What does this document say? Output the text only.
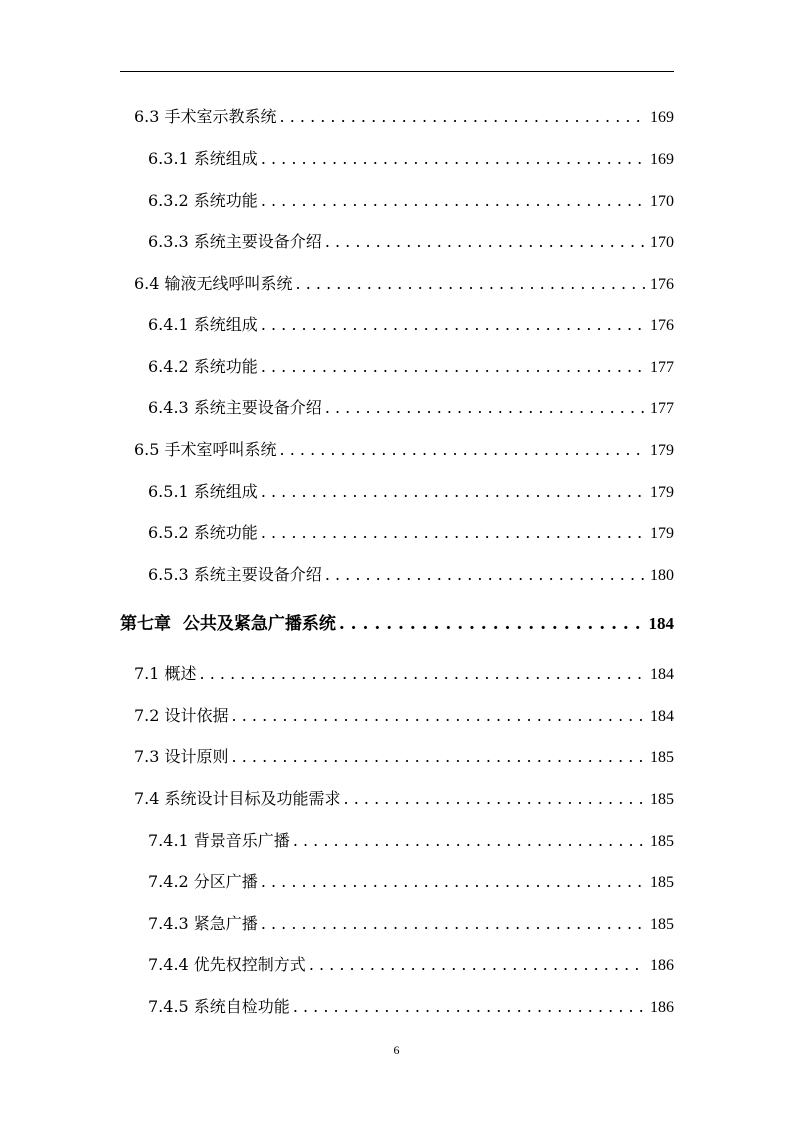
6.3 手术室示教系统 . . .	169
6.3.1 系统组成 . . .	169
6.3.2 系统功能 . . .	170
6.3.3 系统主要设备介绍 . . .	170
6.4 输液无线呼叫系统 . . .	176
6.4.1 系统组成 . . .	176
6.4.2 系统功能 . . .	177
6.4.3 系统主要设备介绍 . . .	177
6.5 手术室呼叫系统 . . .	179
6.5.1 系统组成 . . .	179
6.5.2 系统功能 . . .	179
6.5.3 系统主要设备介绍 . . .	180
第七章  公共及紧急广播系统 . . .	184
7.1 概述 . . .	184
7.2 设计依据 . . .	184
7.3 设计原则 . . .	185
7.4 系统设计目标及功能需求 . . .	185
7.4.1 背景音乐广播 . . .	185
7.4.2 分区广播 . . .	185
7.4.3 紧急广播 . . .	185
7.4.4 优先权控制方式 . . .	186
7.4.5 系统自检功能 . . .	186
6
